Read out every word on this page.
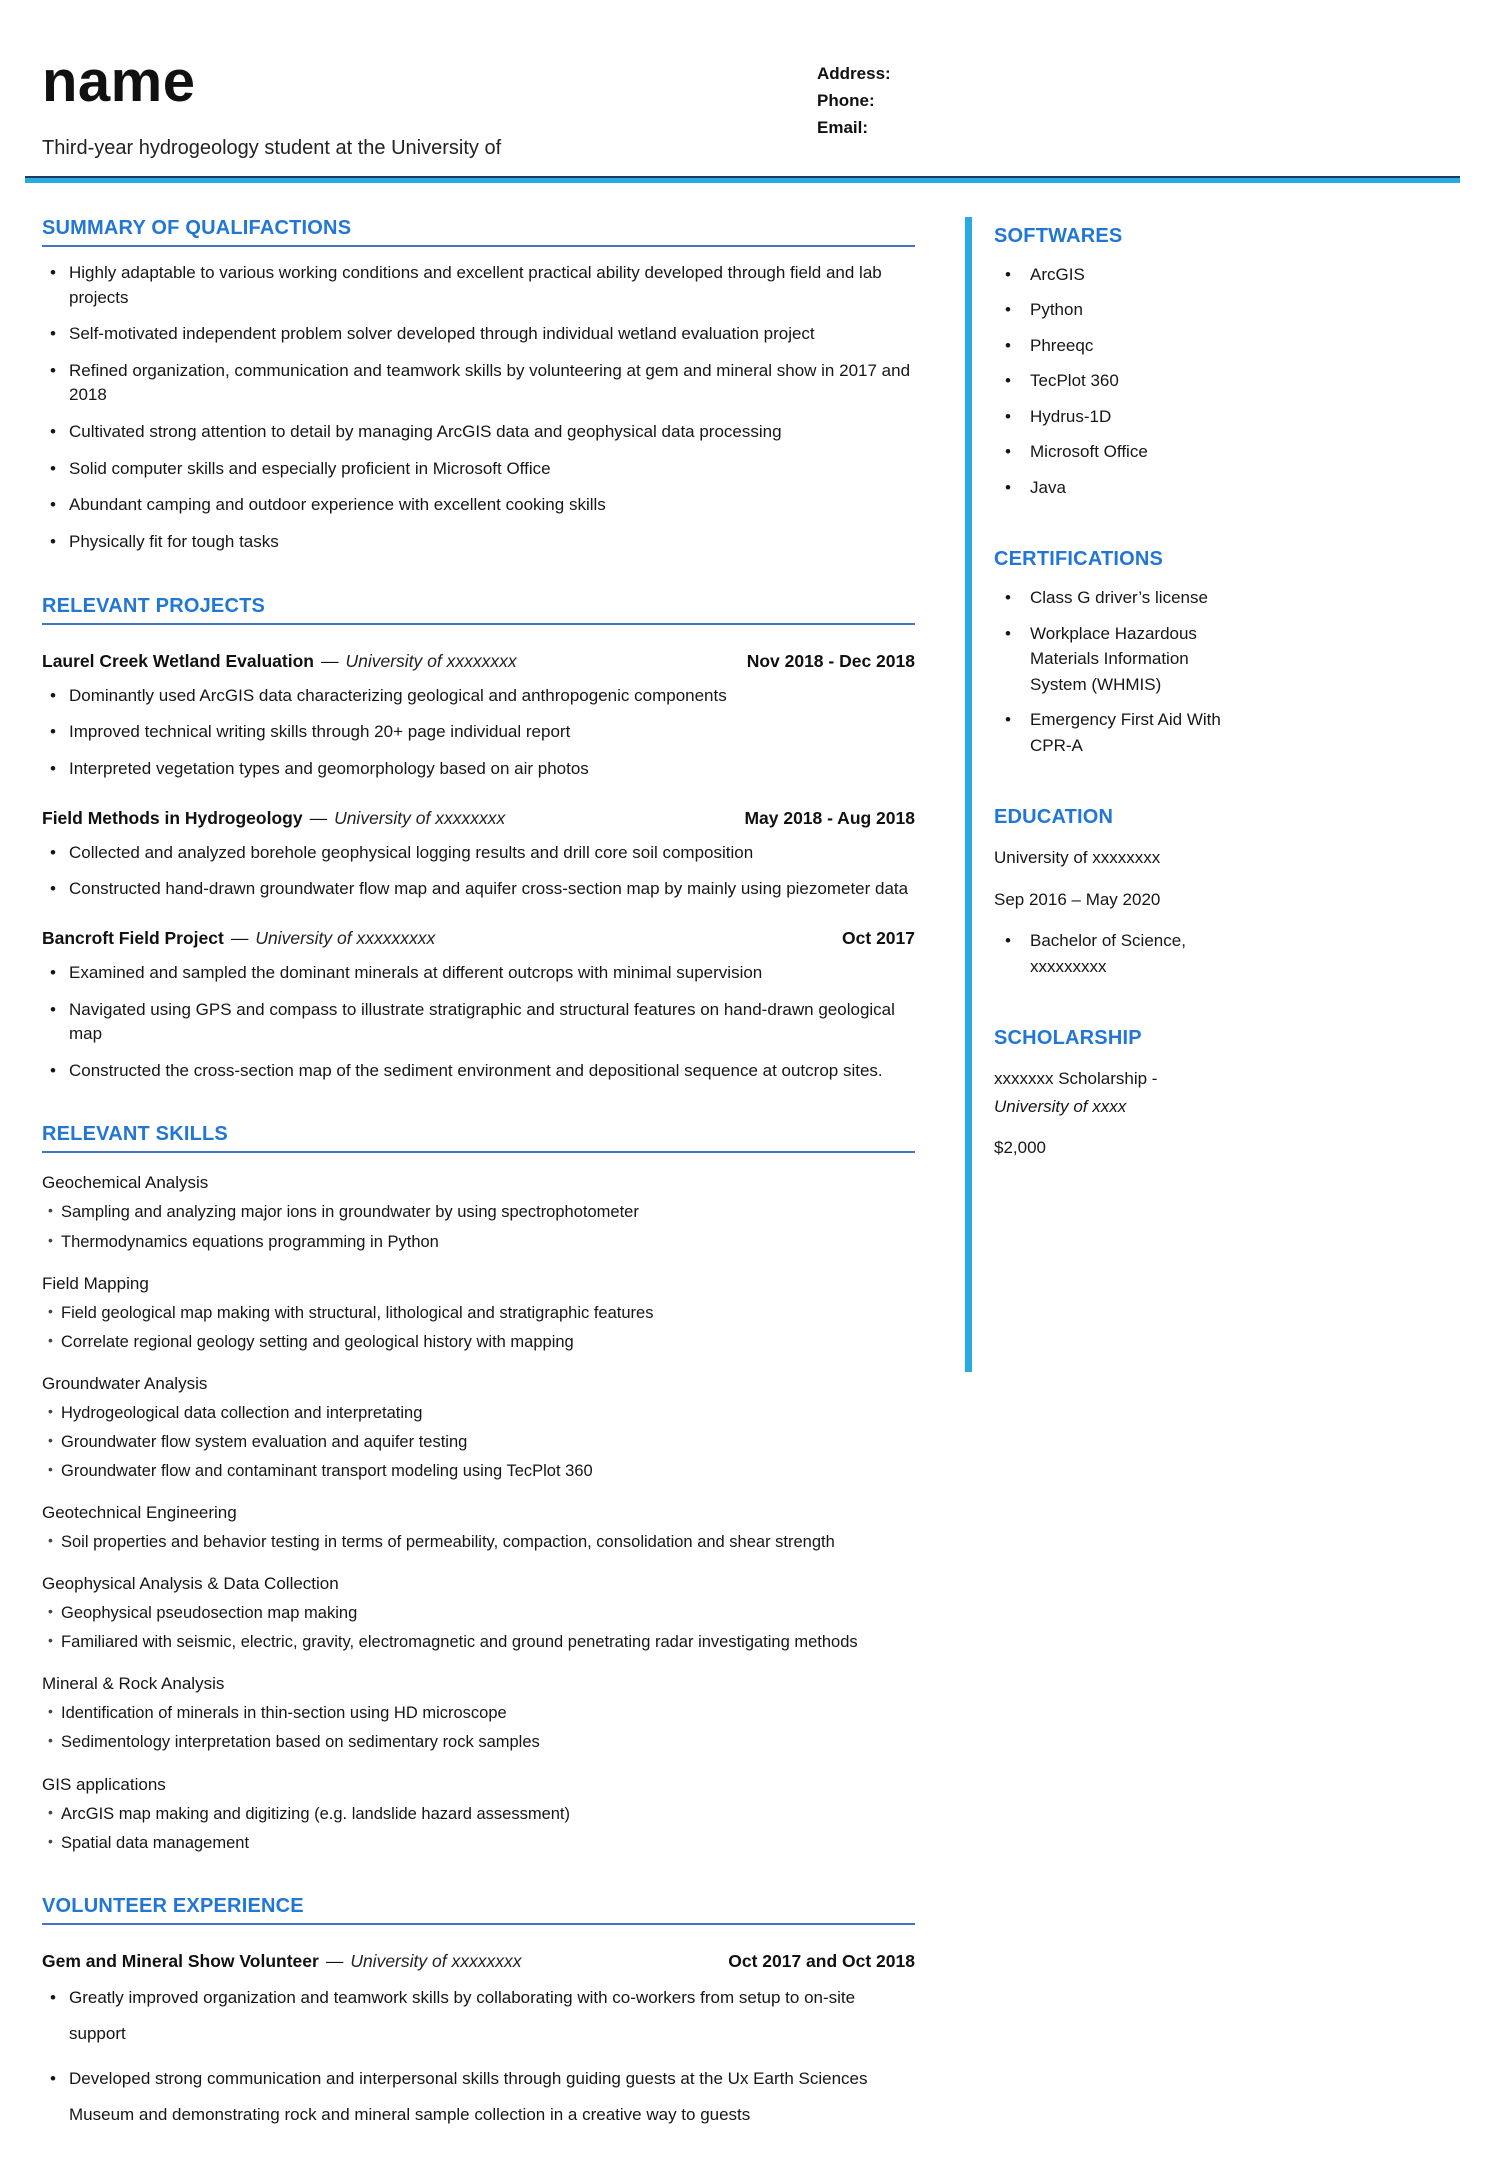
name	Address:
Phone:
Email:
Third-year hydrogeology student at the University of
SUMMARY OF QUALIFACTIONS
• Highly adaptable to various working conditions and excellent practical ability developed through field and lab projects
• Self-motivated independent problem solver developed through individual wetland evaluation project
• Refined organization, communication and teamwork skills by volunteering at gem and mineral show in 2017 and 2018
• Cultivated strong attention to detail by managing ArcGIS data and geophysical data processing
• Solid computer skills and especially proficient in Microsoft Office
• Abundant camping and outdoor experience with excellent cooking skills
• Physically fit for tough tasks
RELEVANT PROJECTS
Laurel Creek Wetland Evaluation — University of xxxxxxxx	Nov 2018 - Dec 2018
• Dominantly used ArcGIS data characterizing geological and anthropogenic components
• Improved technical writing skills through 20+ page individual report
• Interpreted vegetation types and geomorphology based on air photos
Field Methods in Hydrogeology — University of xxxxxxxx	May 2018 - Aug 2018
• Collected and analyzed borehole geophysical logging results and drill core soil composition
• Constructed hand-drawn groundwater flow map and aquifer cross-section map by mainly using piezometer data
Bancroft Field Project — University of xxxxxxxxx	Oct 2017
• Examined and sampled the dominant minerals at different outcrops with minimal supervision
• Navigated using GPS and compass to illustrate stratigraphic and structural features on hand-drawn geological map
• Constructed the cross-section map of the sediment environment and depositional sequence at outcrop sites.
RELEVANT SKILLS
Geochemical Analysis
• Sampling and analyzing major ions in groundwater by using spectrophotometer
• Thermodynamics equations programming in Python
Field Mapping
• Field geological map making with structural, lithological and stratigraphic features
• Correlate regional geology setting and geological history with mapping
Groundwater Analysis
• Hydrogeological data collection and interpretating
• Groundwater flow system evaluation and aquifer testing
• Groundwater flow and contaminant transport modeling using TecPlot 360
Geotechnical Engineering
• Soil properties and behavior testing in terms of permeability, compaction, consolidation and shear strength
Geophysical Analysis & Data Collection
• Geophysical pseudosection map making
• Familiared with seismic, electric, gravity, electromagnetic and ground penetrating radar investigating methods
Mineral & Rock Analysis
• Identification of minerals in thin-section using HD microscope
• Sedimentology interpretation based on sedimentary rock samples
GIS applications
• ArcGIS map making and digitizing (e.g. landslide hazard assessment)
• Spatial data management
VOLUNTEER EXPERIENCE
Gem and Mineral Show Volunteer — University of xxxxxxxx	Oct 2017 and Oct 2018
• Greatly improved organization and teamwork skills by collaborating with co-workers from setup to on-site support
• Developed strong communication and interpersonal skills through guiding guests at the Ux Earth Sciences Museum and demonstrating rock and mineral sample collection in a creative way to guests
SOFTWARES
• ArcGIS
• Python
• Phreeqc
• TecPlot 360
• Hydrus-1D
• Microsoft Office
• Java
CERTIFICATIONS
• Class G driver’s license
• Workplace Hazardous Materials Information System (WHMIS)
• Emergency First Aid With CPR-A
EDUCATION
University of xxxxxxxx
Sep 2016 – May 2020
• Bachelor of Science, xxxxxxxxx
SCHOLARSHIP
xxxxxxx Scholarship -
University of xxxx
$2,000
